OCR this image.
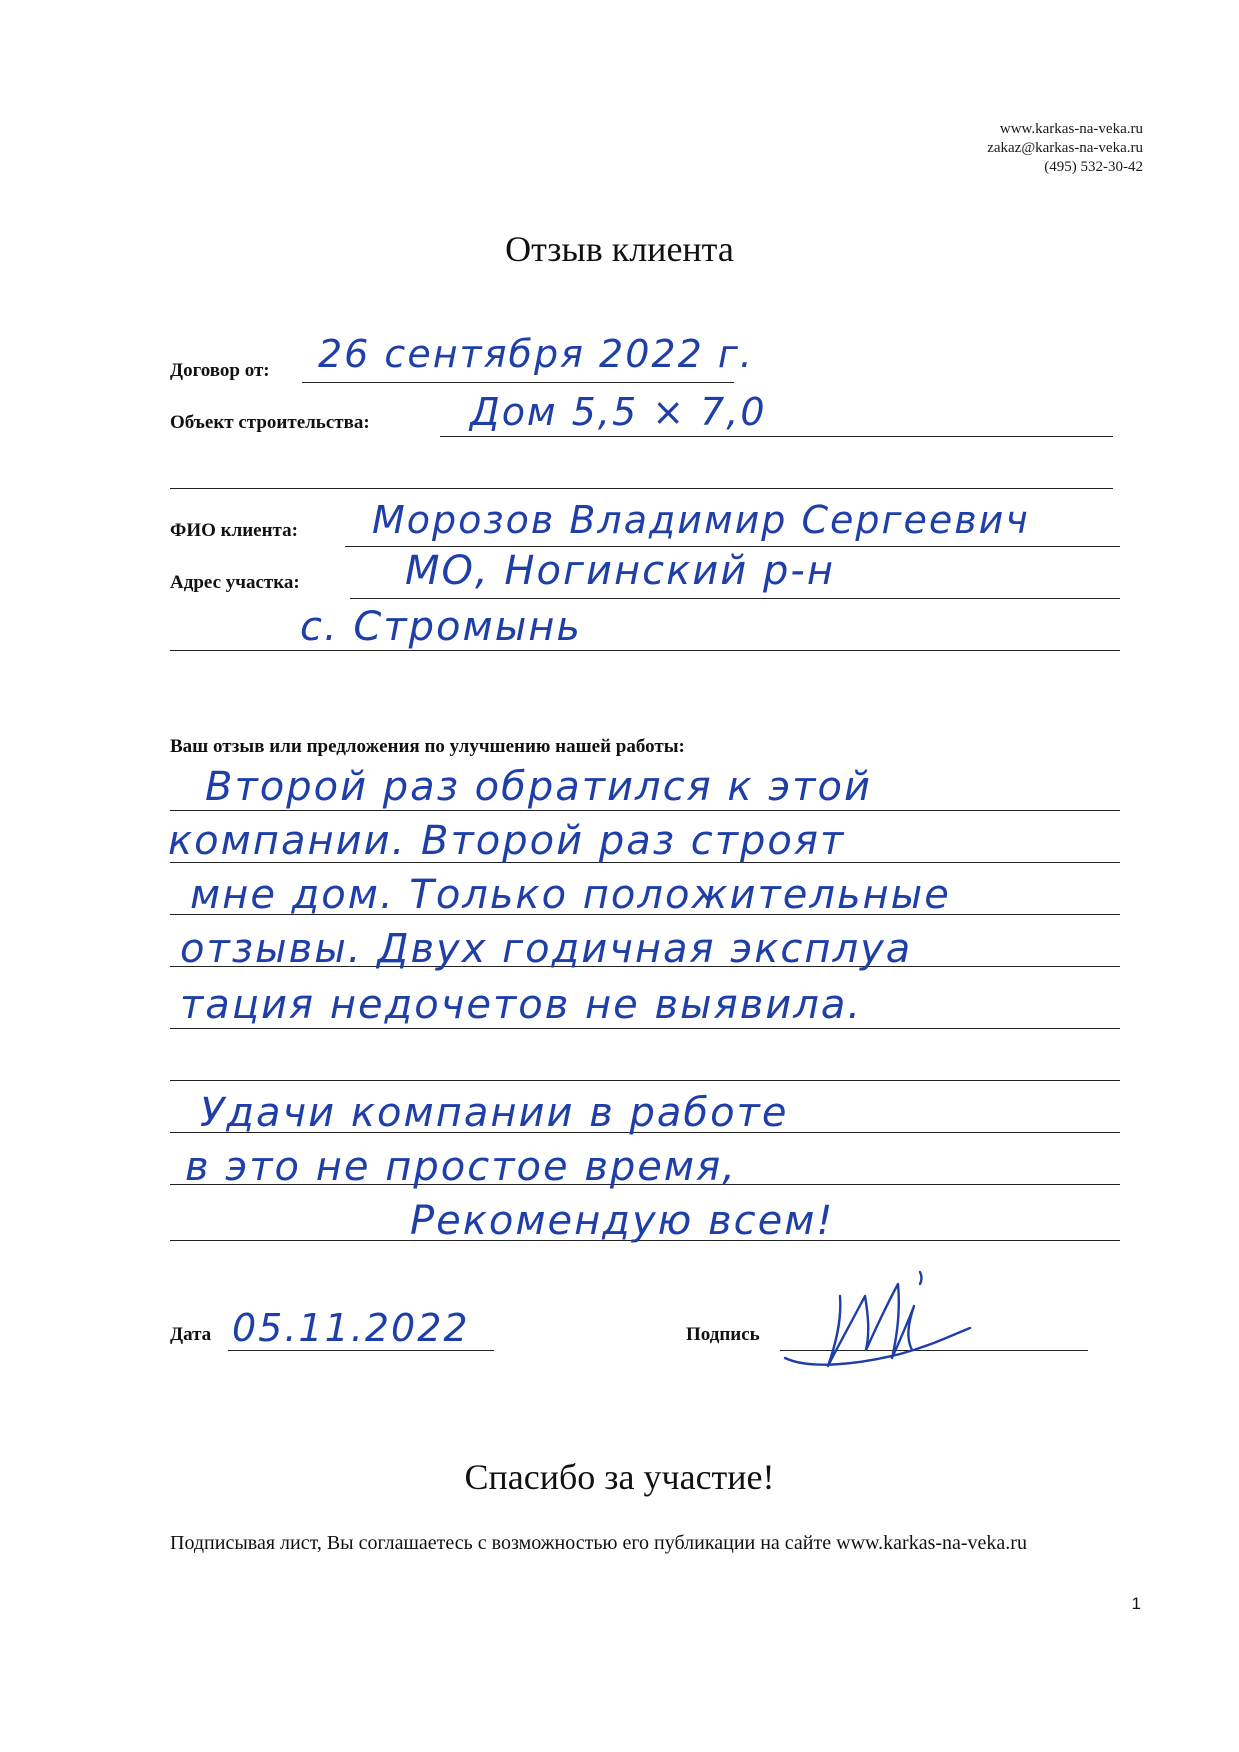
www.karkas-na-veka.ru
zakaz@karkas-na-veka.ru
(495) 532-30-42
Отзыв клиента
Договор от: 26 сентября 2022 г.
Объект строительства:	Дом 5,5 × 7,0
ФИО клиента: Морозов Владимир Сергеевич
Адрес участка:	МО, Ногинский р-н
с. Стромынь
Ваш отзыв или предложения по улучшению нашей работы:
Второй раз обратился к этой
компании. Второй раз строят
мне дом. Только положительные
отзывы. Двух годичная эксплуа
тация недочетов не выявила.
Удачи компании в работе
в это не простое время,
Рекомендую всем!
Дата 05.11.2022	Подпись
Спасибо за участие!
Подписывая лист, Вы соглашаетесь с возможностью его публикации на сайте www.karkas-na-veka.ru
1
